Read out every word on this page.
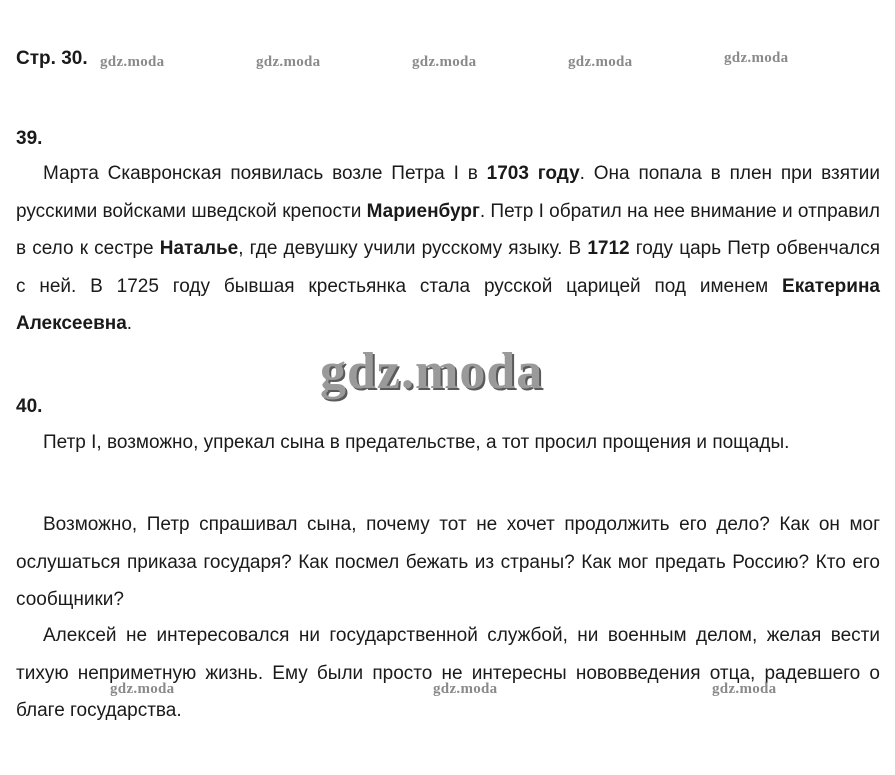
Стр. 30. gdz.moda	gdz.moda	gdz.moda	gdz.moda	gdz.moda
39.

Марта Скавронская появилась возле Петра I в 1703 году. Она попала в плен при взятии русскими войсками шведской крепости Мариенбург. Петр I обратил на нее внимание и отправил в село к сестре Наталье, где девушку учили русскому языку. В 1712 году царь Петр обвенчался с ней. В 1725 году бывшая крестьянка стала русской царицей под именем Екатерина Алексеевна.

gdz.moda
40.

Петр I, возможно, упрекал сына в предательстве, а тот просил прощения и пощады.

Возможно, Петр спрашивал сына, почему тот не хочет продолжить его дело? Как он мог ослушаться приказа государя? Как посмел бежать из страны? Как мог предать Россию? Кто его сообщники?

Алексей не интересовался ни государственной службой, ни военным делом, желая вести тихую неприметную жизнь. Ему были просто не интересны нововведения отца, радевшего о благе государства.

gdz.moda	gdz.moda	gdz.moda
